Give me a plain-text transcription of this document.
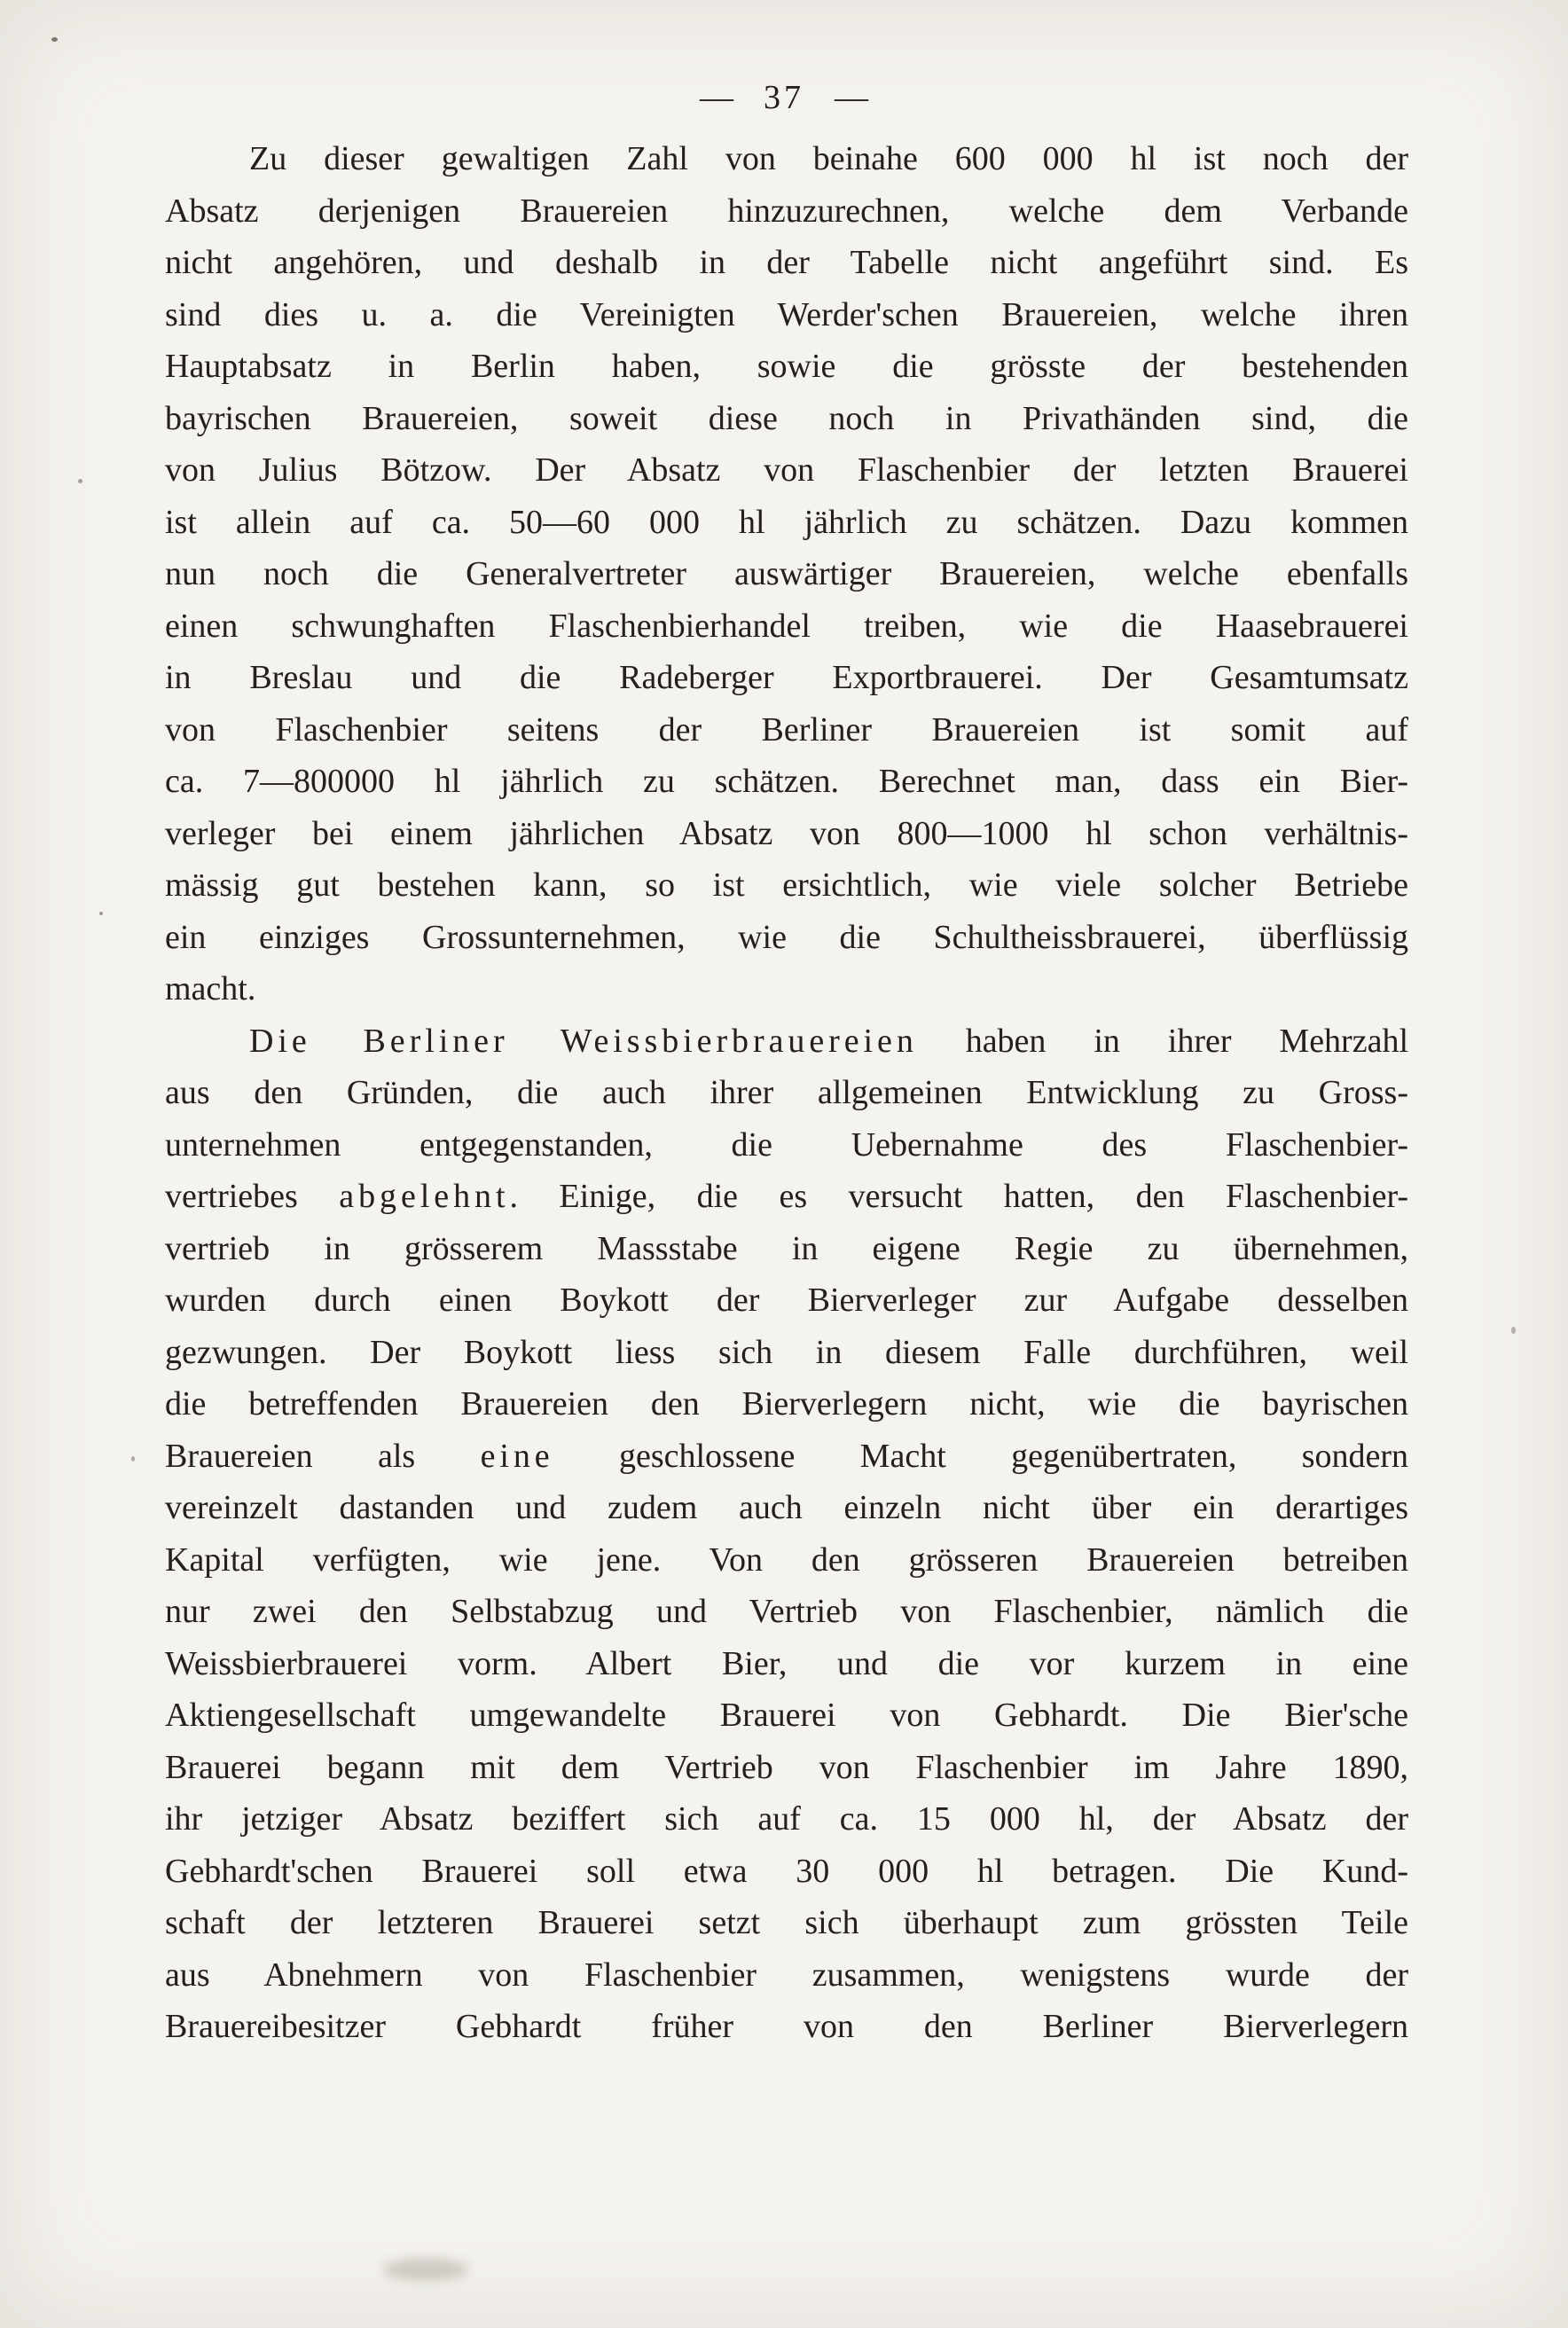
— 37 —
Zu dieser gewaltigen Zahl von beinahe 600 000 hl ist noch der
Absatz derjenigen Brauereien hinzuzurechnen, welche dem Verbande
nicht angehören, und deshalb in der Tabelle nicht angeführt sind. Es
sind dies u. a. die Vereinigten Werder'schen Brauereien, welche ihren
Hauptabsatz in Berlin haben, sowie die grösste der bestehenden
bayrischen Brauereien, soweit diese noch in Privathänden sind, die
von Julius Bötzow. Der Absatz von Flaschenbier der letzten Brauerei
ist allein auf ca. 50—60 000 hl jährlich zu schätzen. Dazu kommen
nun noch die Generalvertreter auswärtiger Brauereien, welche ebenfalls
einen schwunghaften Flaschenbierhandel treiben, wie die Haasebrauerei
in Breslau und die Radeberger Exportbrauerei. Der Gesamtumsatz
von Flaschenbier seitens der Berliner Brauereien ist somit auf
ca. 7—800000 hl jährlich zu schätzen. Berechnet man, dass ein Bier-
verleger bei einem jährlichen Absatz von 800—1000 hl schon verhältnis-
mässig gut bestehen kann, so ist ersichtlich, wie viele solcher Betriebe
ein einziges Grossunternehmen, wie die Schultheissbrauerei, überflüssig
macht.
Die Berliner Weissbierbrauereien haben in ihrer Mehrzahl
aus den Gründen, die auch ihrer allgemeinen Entwicklung zu Gross-
unternehmen entgegenstanden, die Uebernahme des Flaschenbier-
vertriebes abgelehnt. Einige, die es versucht hatten, den Flaschenbier-
vertrieb in grösserem Massstabe in eigene Regie zu übernehmen,
wurden durch einen Boykott der Bierverleger zur Aufgabe desselben
gezwungen. Der Boykott liess sich in diesem Falle durchführen, weil
die betreffenden Brauereien den Bierverlegern nicht, wie die bayrischen
Brauereien als eine geschlossene Macht gegenübertraten, sondern
vereinzelt dastanden und zudem auch einzeln nicht über ein derartiges
Kapital verfügten, wie jene. Von den grösseren Brauereien betreiben
nur zwei den Selbstabzug und Vertrieb von Flaschenbier, nämlich die
Weissbierbrauerei vorm. Albert Bier, und die vor kurzem in eine
Aktiengesellschaft umgewandelte Brauerei von Gebhardt. Die Bier'sche
Brauerei begann mit dem Vertrieb von Flaschenbier im Jahre 1890,
ihr jetziger Absatz beziffert sich auf ca. 15 000 hl, der Absatz der
Gebhardt'schen Brauerei soll etwa 30 000 hl betragen. Die Kund-
schaft der letzteren Brauerei setzt sich überhaupt zum grössten Teile
aus Abnehmern von Flaschenbier zusammen, wenigstens wurde der
Brauereibesitzer Gebhardt früher von den Berliner Bierverlegern
